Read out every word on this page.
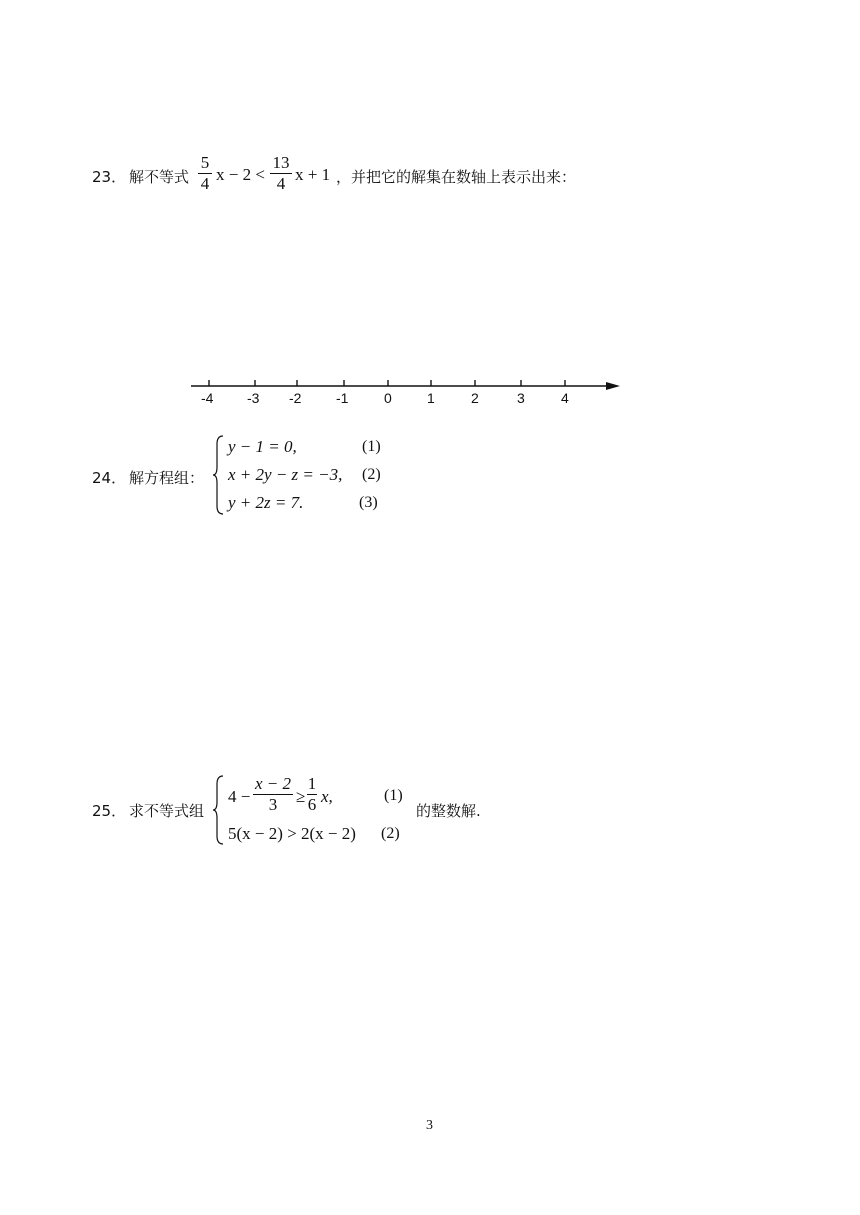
23． 解不等式
5
4 x − 2 <
13
4 x + 1 ，并把它的解集在数轴上表示出来：
-4 -3 -2 -1	0	1	2	3	4
24． 解方程组：
y − 1 = 0,
x + 2y − z = −3,
y + 2z = 7.
(1)
(2)
(3)
25． 求不等式组
4 −
x − 2
3	≥
1
6 x,
5(x − 2) > 2(x − 2)
(1)
(2)
的整数解.
3
